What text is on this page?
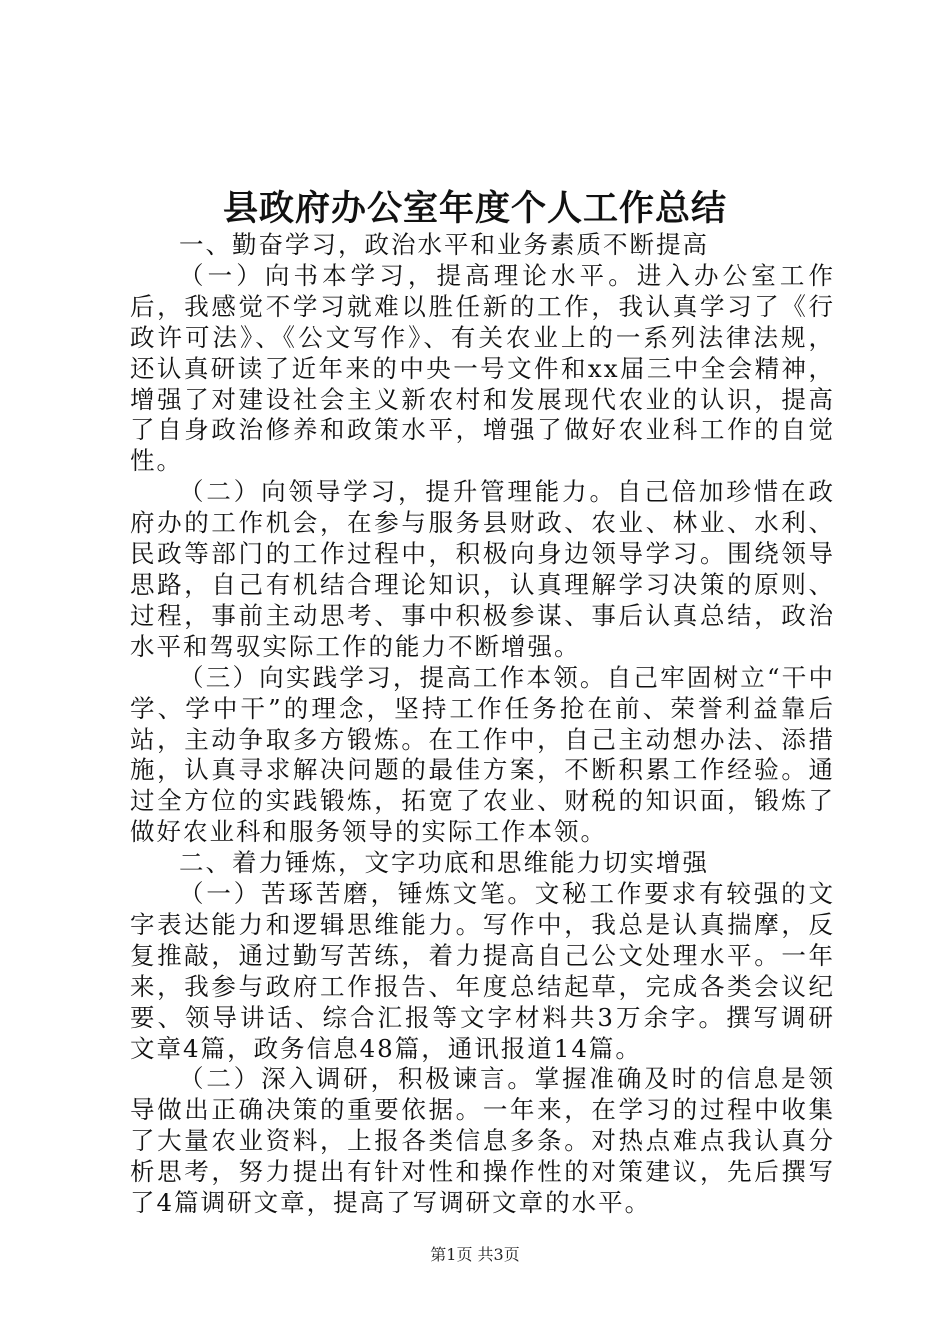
县政府办公室年度个人工作总结

一、勤奋学习，政治水平和业务素质不断提高

（一）向书本学习，提高理论水平。进入办公室工作后，我感觉不学习就难以胜任新的工作，我认真学习了《行政许可法》、《公文写作》、有关农业上的一系列法律法规，还认真研读了近年来的中央一号文件和xx届三中全会精神，增强了对建设社会主义新农村和发展现代农业的认识，提高了自身政治修养和政策水平，增强了做好农业科工作的自觉性。

（二）向领导学习，提升管理能力。自己倍加珍惜在政府办的工作机会，在参与服务县财政、农业、林业、水利、民政等部门的工作过程中，积极向身边领导学习。围绕领导思路，自己有机结合理论知识，认真理解学习决策的原则、过程，事前主动思考、事中积极参谋、事后认真总结，政治水平和驾驭实际工作的能力不断增强。

（三）向实践学习，提高工作本领。自己牢固树立“干中学、学中干”的理念，坚持工作任务抢在前、荣誉利益靠后站，主动争取多方锻炼。在工作中，自己主动想办法、添措施，认真寻求解决问题的最佳方案，不断积累工作经验。通过全方位的实践锻炼，拓宽了农业、财税的知识面，锻炼了做好农业科和服务领导的实际工作本领。

二、着力锤炼，文字功底和思维能力切实增强

（一）苦琢苦磨，锤炼文笔。文秘工作要求有较强的文字表达能力和逻辑思维能力。写作中，我总是认真揣摩，反复推敲，通过勤写苦练，着力提高自己公文处理水平。一年来，我参与政府工作报告、年度总结起草，完成各类会议纪要、领导讲话、综合汇报等文字材料共3万余字。撰写调研文章4篇，政务信息48篇，通讯报道14篇。

（二）深入调研，积极谏言。掌握准确及时的信息是领导做出正确决策的重要依据。一年来，在学习的过程中收集了大量农业资料，上报各类信息多条。对热点难点我认真分析思考，努力提出有针对性和操作性的对策建议，先后撰写了4篇调研文章，提高了写调研文章的水平。

第1页 共3页
